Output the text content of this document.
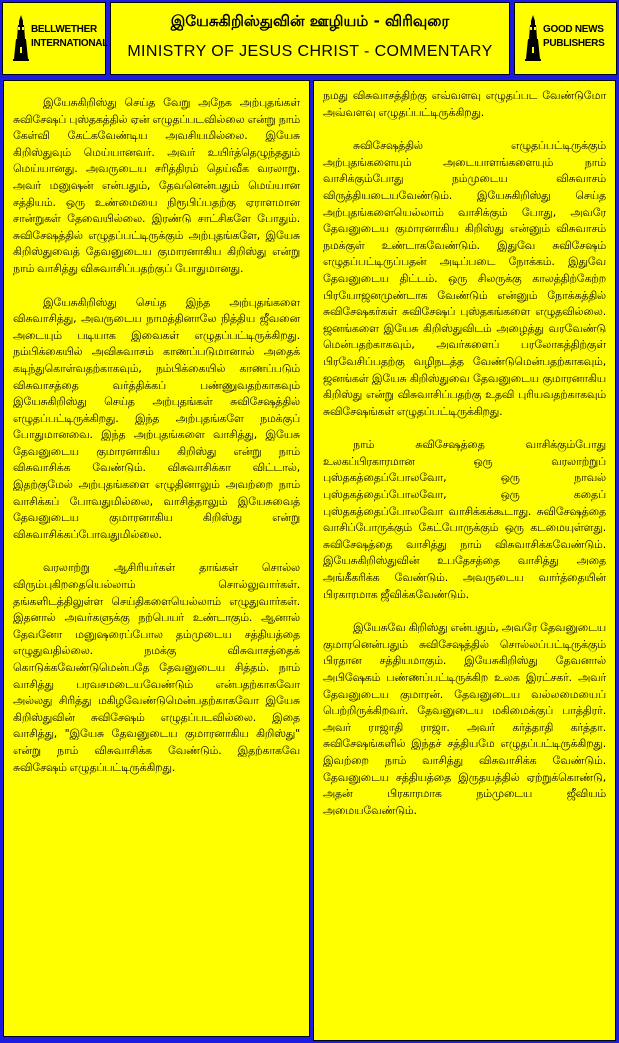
BELLWETHER
INTERNATIONAL
இயேசுகிறிஸ்துவின் ஊழியம் - விரிவுரை
MINISTRY OF JESUS CHRIST - COMMENTARY
GOOD NEWS
PUBLISHERS

இயேசுகிறிஸ்து செய்த வேறு அநேக அற்புதங்கள் சுவிசேஷப் புஸ்தகத்தில் ஏன் எழுதப்படவில்லை என்று நாம் கேள்வி கேட்கவேண்டிய அவசியமில்லை. இயேசு கிறிஸ்துவும் மெய்யானவர். அவர் உயிர்த்தெழுந்ததும் மெய்யானது. அவருடைய சரித்திரம் தெய்வீக வரலாறு. அவர் மனுஷன் என்பதும், தேவனென்பதும் மெய்யான சத்தியம். ஒரு உண்மையை நிரூபிப்பதற்கு ஏராளமான சான்றுகள் தேவையில்லை. இரண்டு சாட்சிகளே போதும். சுவிசேஷத்தில் எழுதப்பட்டிருக்கும் அற்புதங்களே, இயேசு கிறிஸ்துவைத் தேவனுடைய குமாரனாகிய கிறிஸ்து என்று நாம் வாசித்து விசுவாசிப்பதற்குப் போதுமானது.

இயேசுகிறிஸ்து செய்த இந்த அற்புதங்களை விசுவாசித்து, அவருடைய நாமத்தினாலே நித்திய ஜீவனை அடையும் படியாக இவைகள் எழுதப்பட்டிருக்கிறது. நம்பிக்கையில் அவிசுவாசம் காணப்படுமானால் அதைக் கடிந்துகொள்வதற்காகவும், நம்பிக்கையில் காணப்படும் விசுவாசத்தை வர்த்திக்கப் பண்ணுவதற்காகவும் இயேசுகிறிஸ்து செய்த அற்புதங்கள் சுவிசேஷத்தில் எழுதப்பட்டிருக்கிறது. இந்த அற்புதங்களே நமக்குப் போதுமானவை. இந்த அற்புதங்களை வாசித்து, இயேசு தேவனுடைய குமாரனாகிய கிறிஸ்து என்று நாம் விசுவாசிக்க வேண்டும். விசுவாசிக்கா விட்டால், இதற்குமேல் அற்புதங்களை எழுதினாலும் அவற்றை நாம் வாசிக்கப் போவதுமில்லை, வாசித்தாலும் இயேசுவைத் தேவனுடைய குமாரனாகிய கிறிஸ்து என்று விசுவாசிக்கப்போவதுமில்லை.

வரலாற்று ஆசிரியர்கள் தாங்கள் சொல்ல விரும்புகிறதையெல்லாம் சொல்லுவார்கள். தங்களிடத்திலுள்ள செய்திகளையெல்லாம் எழுதுவார்கள். இதனால் அவர்களுக்கு நற்பெயர் உண்டாகும். ஆனால் தேவனோ மனுஷரைப்போல தம்முடைய சத்தியத்தை எழுதுவதில்லை. நமக்கு விசுவாசத்தைக் கொடுக்கவேண்டுமென்பதே தேவனுடைய சித்தம். நாம் வாசித்து பரவசமடையவேண்டும் என்பதற்காகவோ அல்லது சிரித்து மகிழவேண்டுமென்பதற்காகவோ இயேசு கிறிஸ்துவின் சுவிசேஷம் எழுதப்படவில்லை. இதை வாசித்து, "இயேசு தேவனுடைய குமாரனாகிய கிறிஸ்து" என்று நாம் விசுவாசிக்க வேண்டும். இதற்காகவே சுவிசேஷம் எழுதப்பட்டிருக்கிறது.

நமது விசுவாசத்திற்கு எவ்வளவு எழுதப்பட வேண்டுமோ அவ்வளவு எழுதப்பட்டிருக்கிறது.

சுவிசேஷத்தில் எழுதப்பட்டிருக்கும் அற்புதங்களையும் அடையாளங்களையும் நாம் வாசிக்கும்போது நம்முடைய விசுவாசம் விருத்தியடையவேண்டும். இயேசுகிறிஸ்து செய்த அற்புதங்களையெல்லாம் வாசிக்கும் போது, அவரே தேவனுடைய குமாரனாகிய கிறிஸ்து என்னும் விசுவாசம் நமக்குள் உண்டாகவேண்டும். இதுவே சுவிசேஷம் எழுதப்பட்டிருப்பதன் அடிப்படை நோக்கம். இதுவே தேவனுடைய திட்டம். ஒரு சிலருக்கு காலத்திற்கேற்ற பிரயோஜனமுண்டாக வேண்டும் என்னும் நோக்கத்தில் சுவிசேஷகர்கள் சுவிசேஷப் புஸ்தகங்களை எழுதவில்லை. ஜனங்களை இயேசு கிறிஸ்துவிடம் அழைத்து வரவேண்டு மென்பதற்காகவும், அவர்களைப் பரலோகத்திற்குள் பிரவேசிப்பதற்கு வழிநடத்த வேண்டுமென்பதற்காகவும், ஜனங்கள் இயேசு கிறிஸ்துவை தேவனுடைய குமாரனாகிய கிறிஸ்து என்று விசுவாசிப்பதற்கு உதவி புரியவதற்காகவும் சுவிசேஷங்கள் எழுதப்பட்டிருக்கிறது.

நாம் சுவிசேஷத்தை வாசிக்கும்போது உலகப்பிரகாரமான ஒரு வரலாற்றுப் புஸ்தகத்தைப்போலவோ, ஒரு நாவல் புஸ்தகத்தைப்போலவோ, ஒரு கதைப் புஸ்தகத்தைப்போலவோ வாசிக்கக்கூடாது. சுவிசேஷத்தை வாசிப்போருக்கும் கேட்போருக்கும் ஒரு கடமையுள்ளது. சுவிசேஷத்தை வாசித்து நாம் விசுவாசிக்கவேண்டும். இயேசுகிறிஸ்துவின் உபதேசத்தை வாசித்து அதை அங்கீகரிக்க வேண்டும். அவருடைய வார்த்தையின் பிரகாரமாக ஜீவிக்கவேண்டும்.

இயேசுவே கிறிஸ்து என்பதும், அவரே தேவனுடைய குமாரனென்பதும் சுவிசேஷத்தில் சொல்லப்பட்டிருக்கும் பிரதான சத்தியமாகும். இயேசுகிறிஸ்து தேவனால் அபிஷேகம் பண்ணப்பட்டிருக்கிற உலக இரட்சகர். அவர் தேவனுடைய குமாரன். தேவனுடைய வல்லமையைப் பெற்றிருக்கிறவர். தேவனுடைய மகிமைக்குப் பாத்திரர். அவர் ராஜாதி ராஜா. அவர் கர்த்தாதி கர்த்தா. சுவிசேஷங்களில் இந்தச் சத்தியமே எழுதப்பட்டிருக்கிறது. இவற்றை நாம் வாசித்து விசுவாசிக்க வேண்டும். தேவனுடைய சத்தியத்தை இருதயத்தில் ஏற்றுக்கொண்டு, அதன் பிரகாரமாக நம்முடைய ஜீவியம் அமையவேண்டும்.
